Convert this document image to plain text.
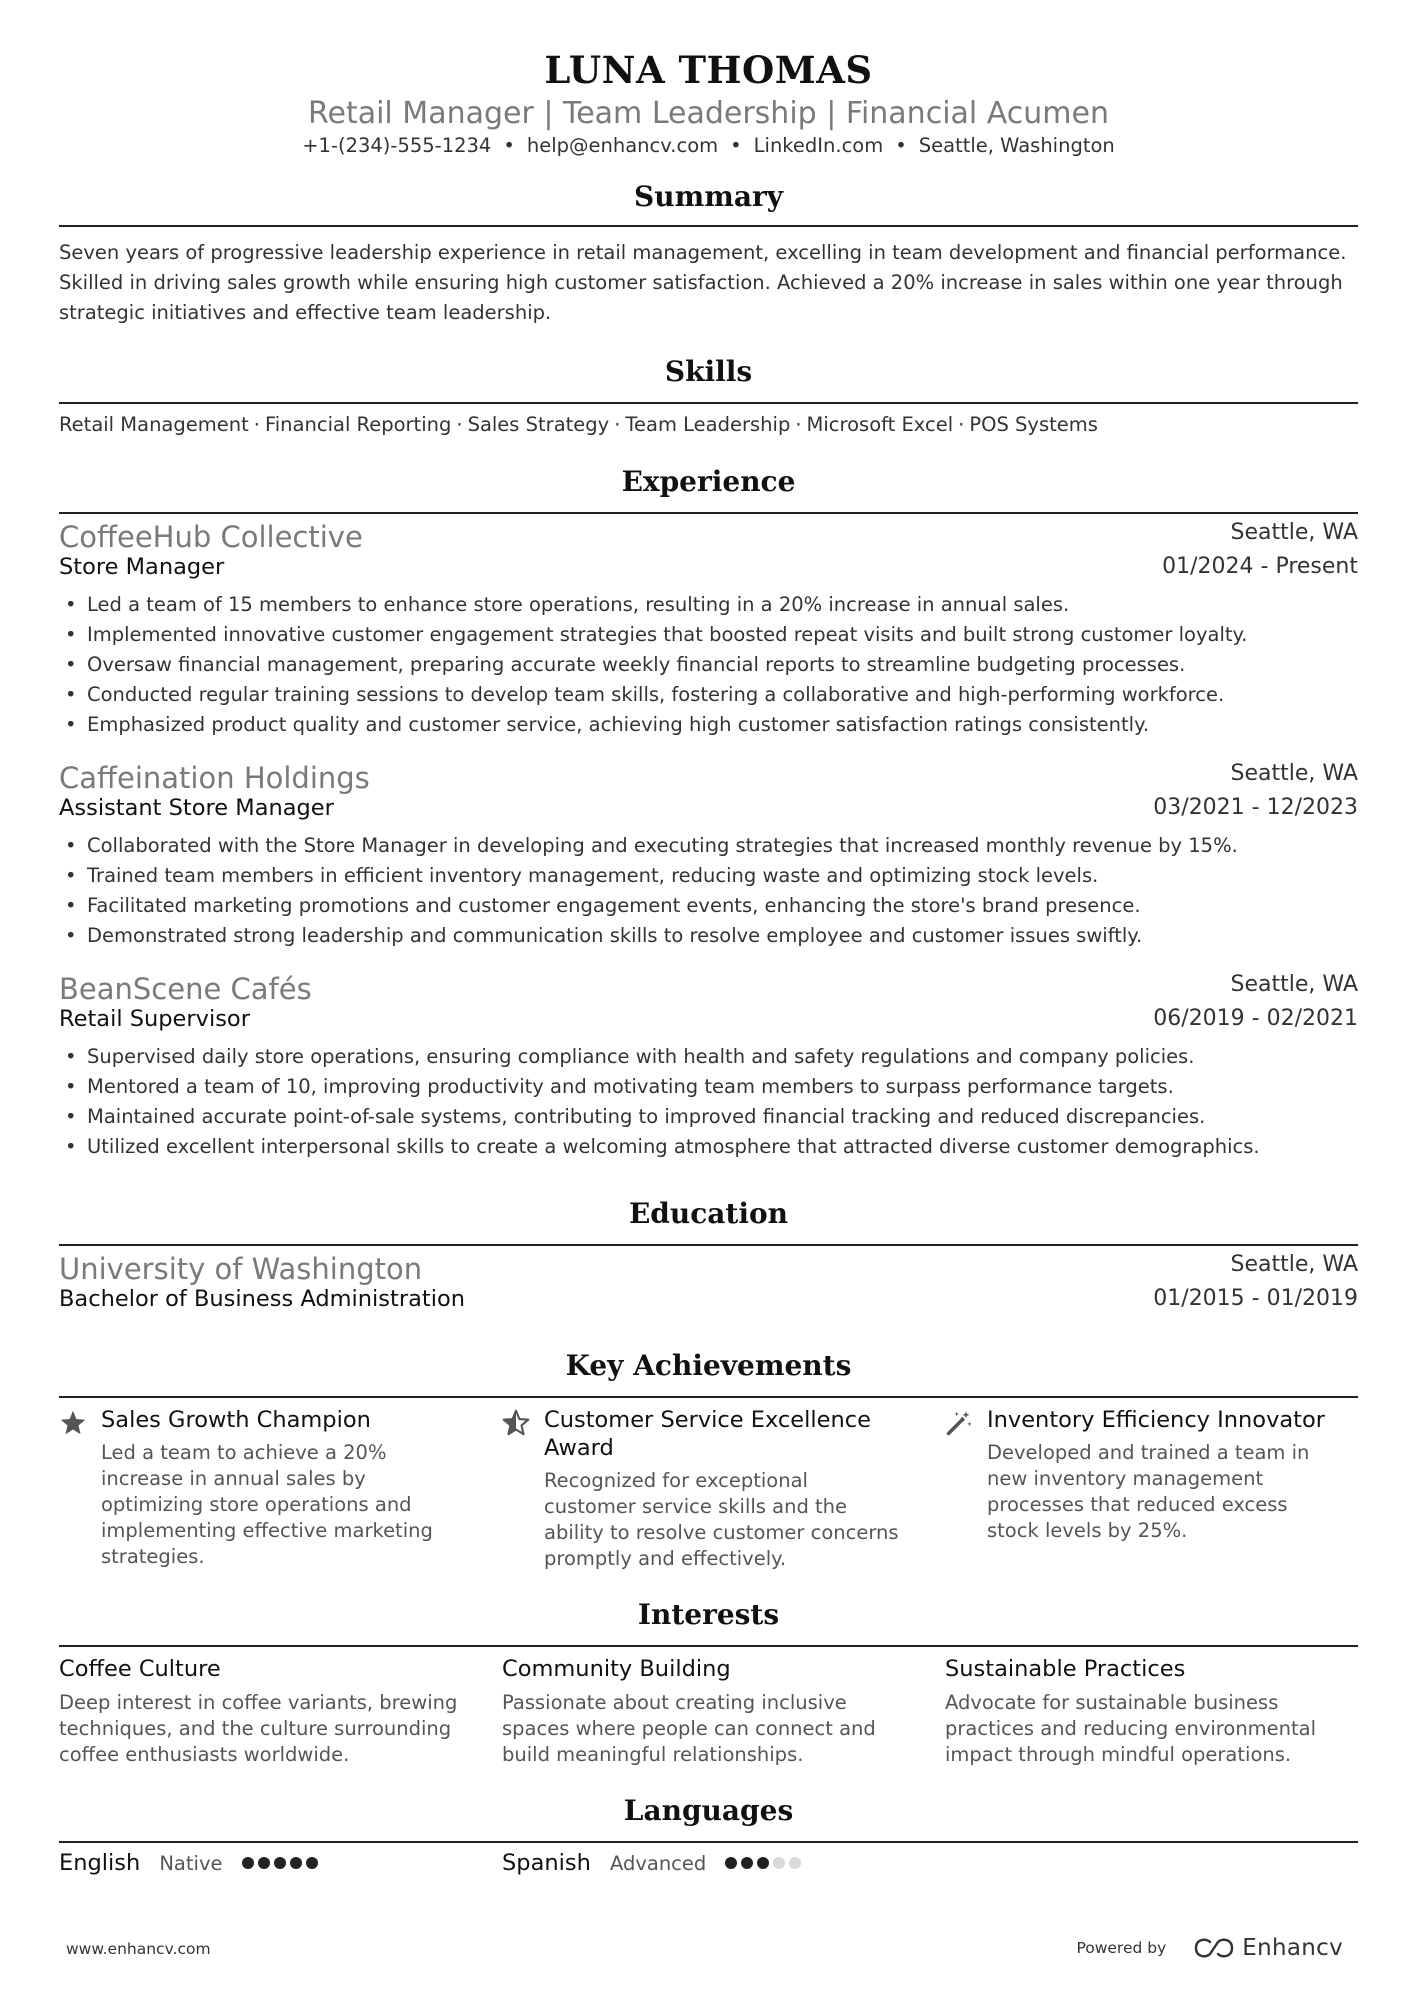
LUNA THOMAS
Retail Manager | Team Leadership | Financial Acumen
+1-(234)-555-1234 • help@enhancv.com • LinkedIn.com • Seattle, Washington
Summary
Seven years of progressive leadership experience in retail management, excelling in team development and financial performance.
Skilled in driving sales growth while ensuring high customer satisfaction. Achieved a 20% increase in sales within one year through
strategic initiatives and effective team leadership.
Skills
Retail Management · Financial Reporting · Sales Strategy · Team Leadership · Microsoft Excel · POS Systems
Experience
CoffeeHub Collective	Seattle, WA
Store Manager	01/2024 - Present
• Led a team of 15 members to enhance store operations, resulting in a 20% increase in annual sales.
• Implemented innovative customer engagement strategies that boosted repeat visits and built strong customer loyalty.
• Oversaw financial management, preparing accurate weekly financial reports to streamline budgeting processes.
• Conducted regular training sessions to develop team skills, fostering a collaborative and high-performing workforce.
• Emphasized product quality and customer service, achieving high customer satisfaction ratings consistently.
Caffeination Holdings	Seattle, WA
Assistant Store Manager	03/2021 - 12/2023
• Collaborated with the Store Manager in developing and executing strategies that increased monthly revenue by 15%.
• Trained team members in efficient inventory management, reducing waste and optimizing stock levels.
• Facilitated marketing promotions and customer engagement events, enhancing the store's brand presence.
• Demonstrated strong leadership and communication skills to resolve employee and customer issues swiftly.
BeanScene Cafés	Seattle, WA
Retail Supervisor	06/2019 - 02/2021
• Supervised daily store operations, ensuring compliance with health and safety regulations and company policies.
• Mentored a team of 10, improving productivity and motivating team members to surpass performance targets.
• Maintained accurate point-of-sale systems, contributing to improved financial tracking and reduced discrepancies.
• Utilized excellent interpersonal skills to create a welcoming atmosphere that attracted diverse customer demographics.
Education
University of Washington	Seattle, WA
Bachelor of Business Administration	01/2015 - 01/2019
Key Achievements
Sales Growth Champion
Led a team to achieve a 20%
increase in annual sales by
optimizing store operations and
implementing effective marketing
strategies.
Customer Service Excellence Award
Recognized for exceptional
customer service skills and the
ability to resolve customer concerns
promptly and effectively.
Inventory Efficiency Innovator
Developed and trained a team in
new inventory management
processes that reduced excess
stock levels by 25%.
Interests
Coffee Culture
Deep interest in coffee variants, brewing
techniques, and the culture surrounding
coffee enthusiasts worldwide.
Community Building
Passionate about creating inclusive
spaces where people can connect and
build meaningful relationships.
Sustainable Practices
Advocate for sustainable business
practices and reducing environmental
impact through mindful operations.
Languages
English Native	Spanish Advanced
www.enhancv.com	Powered by	Enhancv
